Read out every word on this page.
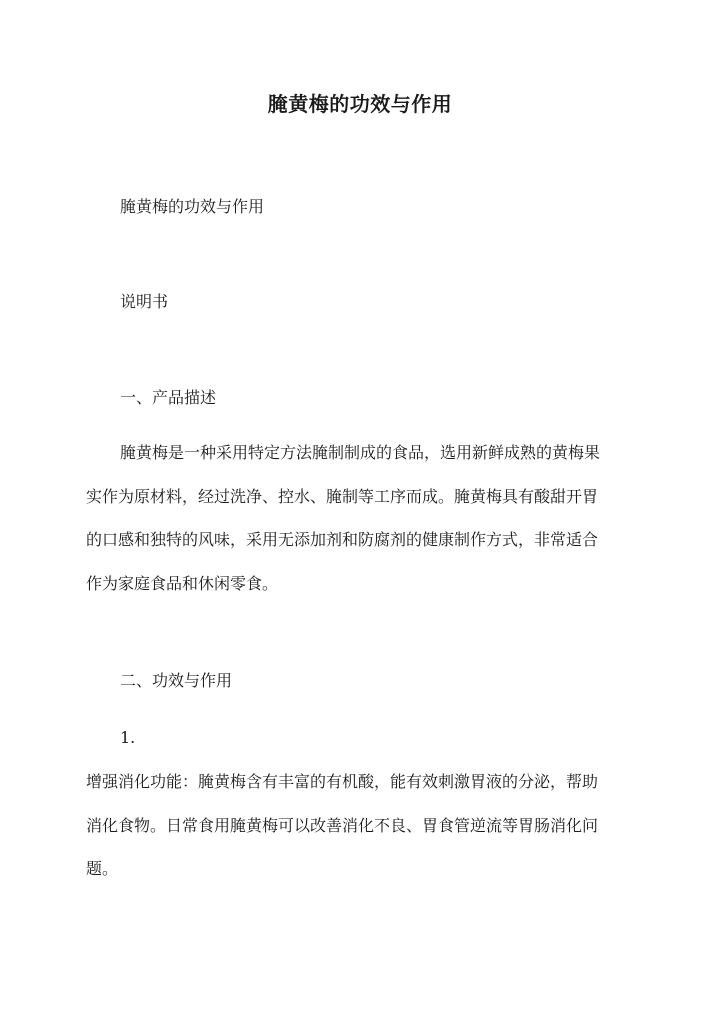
腌黄梅的功效与作用
腌黄梅的功效与作用
说明书
一、产品描述
腌黄梅是一种采用特定方法腌制制成的食品，选用新鲜成熟的黄梅果
实作为原材料，经过洗净、控水、腌制等工序而成。腌黄梅具有酸甜开胃
的口感和独特的风味，采用无添加剂和防腐剂的健康制作方式，非常适合
作为家庭食品和休闲零食。
二、功效与作用
1.
增强消化功能：腌黄梅含有丰富的有机酸，能有效刺激胃液的分泌，帮助
消化食物。日常食用腌黄梅可以改善消化不良、胃食管逆流等胃肠消化问
题。
